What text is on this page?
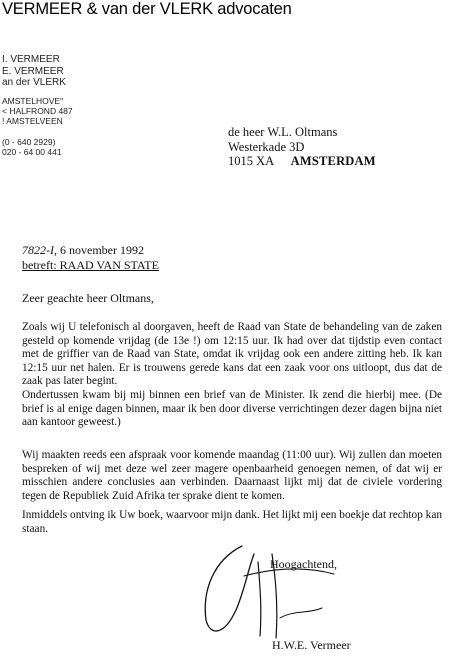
VERMEER & van der VLERK advocaten
I. VERMEER
E. VERMEER
an der VLERK
AMSTELHOVE"
< HALFROND 487
! AMSTELVEEN
(0 - 640 2929)
020 - 64 00 441
de heer W.L. Oltmans
Westerkade 3D
1015 XA AMSTERDAM
7822-I, 6 november 1992
betreft: RAAD VAN STATE
Zeer geachte heer Oltmans,
Zoals wij U telefonisch al doorgaven, heeft de Raad van State de behandeling van de zaken gesteld op komende vrijdag (de 13e !) om 12:15 uur. Ik had over dat tijdstip even contact met de griffier van de Raad van State, omdat ik vrijdag ook een andere zitting heb. Ik kan 12:15 uur net halen. Er is trouwens gerede kans dat een zaak voor ons uitloopt, dus dat de zaak pas later begint.
Ondertussen kwam bij mij binnen een brief van de Minister. Ik zend die hierbij mee. (De brief is al enige dagen binnen, maar ik ben door diverse verrichtingen dezer dagen bijna niet aan kantoor geweest.)
Wij maakten reeds een afspraak voor komende maandag (11:00 uur). Wij zullen dan moeten bespreken of wij met deze wel zeer magere openbaarheid genoegen nemen, of dat wij er misschien andere conclusies aan verbinden. Daarnaast lijkt mij dat de civiele vordering tegen de Republiek Zuid Afrika ter sprake dient te komen.
Inmiddels ontving ik Uw boek, waarvoor mijn dank. Het lijkt mij een boekje dat rechtop kan staan.
Hoogachtend,
H.W.E. Vermeer
